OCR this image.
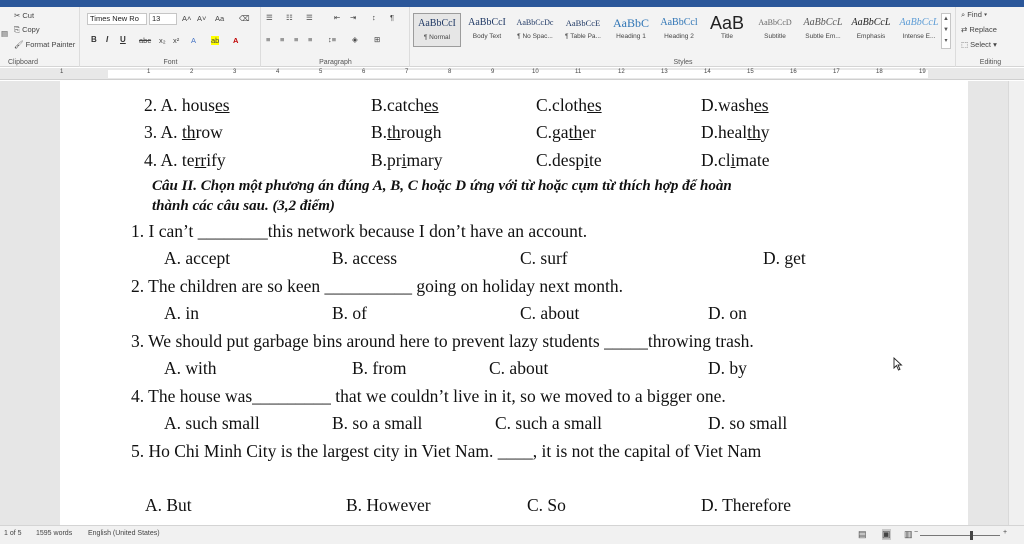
✂ Cut
⎘ Copy
🖌 Format Painter
▤
Clipboard
Times New Ro	13	A˄ A˅ Aa ⌫
B I U abc x₂ x² A ab A
Font
☰ ☷ ☰	⇤ ⇥ ↕ ¶
≡ ≡ ≡ ≡ ↕≡ ◈ ⊞
Paragraph
AaBbCcI
¶ Normal
AaBbCcI
Body Text
AaBbCcDc
¶ No Spac...
AaBbCcE
¶ Table Pa...
AaBbC
Heading 1
AaBbCcl
Heading 2
AaB
Title
AaBbCcD
Subtitle
AaBbCcL
Subtle Em...
AaBbCcL
Emphasis
AaBbCcL
Intense E...
Styles
▲
▼
▾
⌕ Find ▾
⇄ Replace
⬚ Select ▾
Editing
1	1	2	3	4	5	6	7	8	9	10	11	12	13	14	15	16	17	18	19
2. A. houses	B.catches	C.clothes	D.washes
3. A. throw	B.through	C.gather	D.healthy
4. A. terrify	B.primary	C.despite	D.climate
Câu II. Chọn một phương án đúng A, B, C hoặc D ứng với từ hoặc cụm từ thích hợp để hoàn
thành các câu sau. (3,2 điểm)
1. I can’t ________this network because I don’t have an account.
A. accept	B. access	C. surf	D. get
2. The children are so keen __________ going on holiday next month.
A. in	B. of	C. about	D. on
3. We should put garbage bins around here to prevent lazy students _____throwing trash.
A. with	B. from	C. about	D. by
4. The house was_________ that we couldn’t live in it, so we moved to a bigger one.
A. such small	B. so a small	C. such a small	D. so small
5. Ho Chi Minh City is the largest city in Viet Nam. ____, it is not the capital of Viet Nam
A. But	B. However	C. So	D. Therefore
1 of 5 1595 words English (United States)	▤ ▣ ▥ −	+
